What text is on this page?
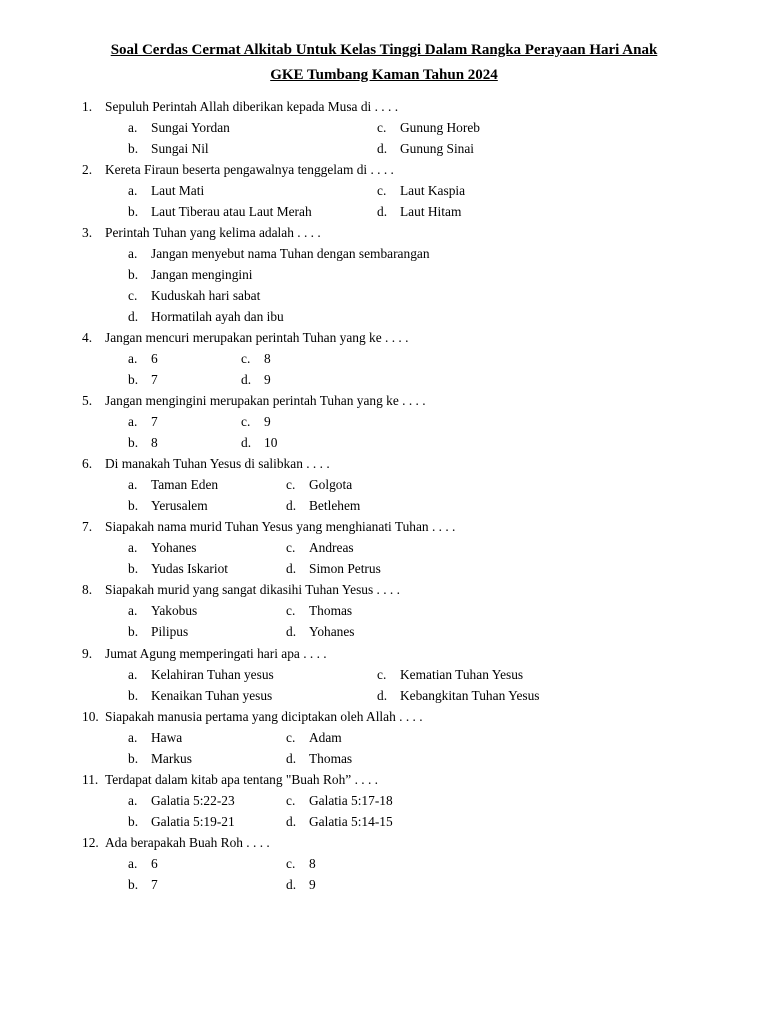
Soal Cerdas Cermat Alkitab Untuk Kelas Tinggi Dalam Rangka Perayaan Hari Anak
GKE Tumbang Kaman Tahun 2024
1. Sepuluh Perintah Allah diberikan kepada Musa di . . . .
a. Sungai Yordan	c. Gunung Horeb
b. Sungai Nil	d. Gunung Sinai
2. Kereta Firaun beserta pengawalnya tenggelam di . . . .
a. Laut Mati	c. Laut Kaspia
b. Laut Tiberau atau Laut Merah	d. Laut Hitam
3. Perintah Tuhan yang kelima adalah . . . .
a. Jangan menyebut nama Tuhan dengan sembarangan
b. Jangan mengingini
c. Kuduskah hari sabat
d. Hormatilah ayah dan ibu
4. Jangan mencuri merupakan perintah Tuhan yang ke . . . .
a. 6	c. 8
b. 7	d. 9
5. Jangan mengingini merupakan perintah Tuhan yang ke . . . .
a. 7	c. 9
b. 8	d. 10
6. Di manakah Tuhan Yesus di salibkan . . . .
a. Taman Eden	c. Golgota
b. Yerusalem	d. Betlehem
7. Siapakah nama murid Tuhan Yesus yang menghianati Tuhan . . . .
a. Yohanes	c. Andreas
b. Yudas Iskariot	d. Simon Petrus
8. Siapakah murid yang sangat dikasihi Tuhan Yesus . . . .
a. Yakobus	c. Thomas
b. Pilipus	d. Yohanes
9. Jumat Agung memperingati hari apa . . . .
a. Kelahiran Tuhan yesus	c. Kematian Tuhan Yesus
b. Kenaikan Tuhan yesus	d. Kebangkitan Tuhan Yesus
10. Siapakah manusia pertama yang diciptakan oleh Allah . . . .
a. Hawa	c. Adam
b. Markus	d. Thomas
11. Terdapat dalam kitab apa tentang "Buah Roh” . . . .
a. Galatia 5:22-23	c. Galatia 5:17-18
b. Galatia 5:19-21	d. Galatia 5:14-15
12. Ada berapakah Buah Roh . . . .
a. 6	c. 8
b. 7	d. 9
